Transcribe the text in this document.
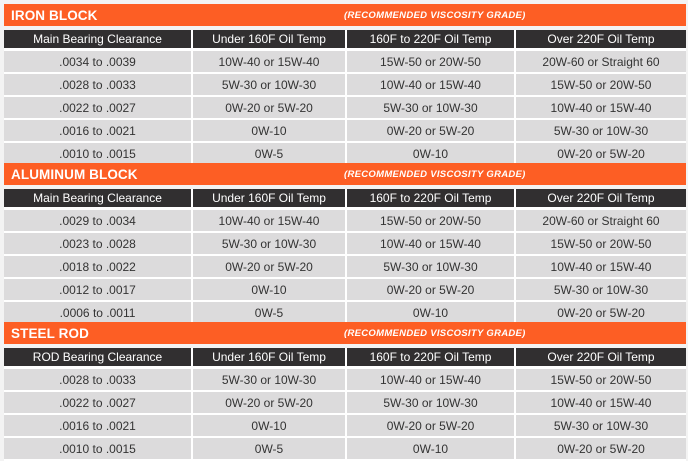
IRON BLOCK	(RECOMMENDED VISCOSITY GRADE)
Main Bearing Clearance	Under 160F Oil Temp	160F to 220F Oil Temp	Over 220F Oil Temp
.0034 to .0039	10W-40 or 15W-40	15W-50 or 20W-50	20W-60 or Straight 60
.0028 to .0033	5W-30 or 10W-30	10W-40 or 15W-40	15W-50 or 20W-50
.0022 to .0027	0W-20 or 5W-20	5W-30 or 10W-30	10W-40 or 15W-40
.0016 to .0021	0W-10	0W-20 or 5W-20	5W-30 or 10W-30
.0010 to .0015	0W-5	0W-10	0W-20 or 5W-20
ALUMINUM BLOCK	(RECOMMENDED VISCOSITY GRADE)
Main Bearing Clearance	Under 160F Oil Temp	160F to 220F Oil Temp	Over 220F Oil Temp
.0029 to .0034	10W-40 or 15W-40	15W-50 or 20W-50	20W-60 or Straight 60
.0023 to .0028	5W-30 or 10W-30	10W-40 or 15W-40	15W-50 or 20W-50
.0018 to .0022	0W-20 or 5W-20	5W-30 or 10W-30	10W-40 or 15W-40
.0012 to .0017	0W-10	0W-20 or 5W-20	5W-30 or 10W-30
.0006 to .0011	0W-5	0W-10	0W-20 or 5W-20
STEEL ROD	(RECOMMENDED VISCOSITY GRADE)
ROD Bearing Clearance	Under 160F Oil Temp	160F to 220F Oil Temp	Over 220F Oil Temp
.0028 to .0033	5W-30 or 10W-30	10W-40 or 15W-40	15W-50 or 20W-50
.0022 to .0027	0W-20 or 5W-20	5W-30 or 10W-30	10W-40 or 15W-40
.0016 to .0021	0W-10	0W-20 or 5W-20	5W-30 or 10W-30
.0010 to .0015	0W-5	0W-10	0W-20 or 5W-20
